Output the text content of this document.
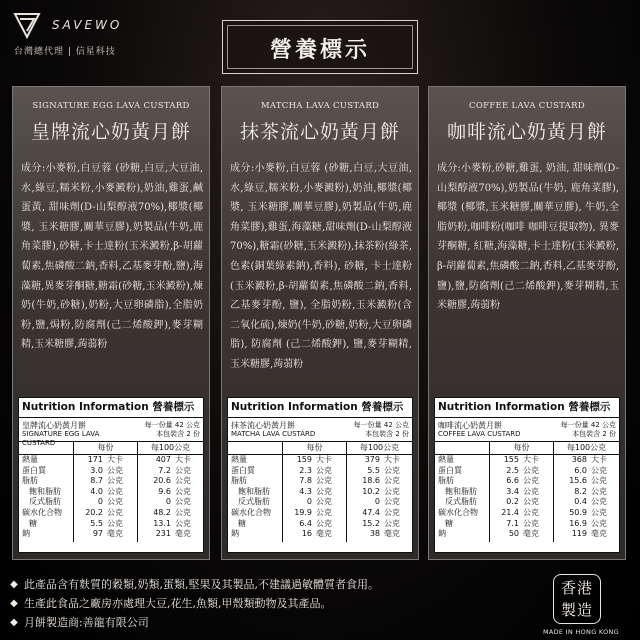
SAVEWO
台灣總代理 | 信星科技	營養標示
SIGNATURE EGG LAVA CUSTARD
皇牌流心奶黃月餅
成分:小麥粉,白豆蓉 (砂糖,白豆,大豆油,水,綠豆,糯米粉,小麥澱粉),奶油,雞蛋,鹹蛋黃, 甜味劑(D-山梨醇液70%),椰漿(椰漿, 玉米糖膠,關華豆膠),奶製品(牛奶,鹿角菜膠),砂糖,卡士達粉(玉米澱粉,β-胡蘿蔔素,焦磷酸二鈉,香料,乙基麥芽酚,鹽),海藻糖,異麥芽酮糖,糖霜(砂糖,玉米澱粉),煉奶(牛奶,砂糖),奶粉,大豆卵磷脂),全脂奶粉,鹽,焗粉,防腐劑(己二烯酸鉀),麥芽糊精,玉米糖膠,蒟蒻粉
Nutrition Information 營養標示
皇牌流心奶黃月餅
SIGNATURE EGG LAVA CUSTARD
每一份量 42 公克
本包裝含 2 份
每份	每100公克
熱量	171 大卡	407 大卡
蛋白質	3.0 公克	7.2 公克
脂肪	8.7 公克	20.6 公克
飽和脂肪	4.0 公克	9.6 公克
反式脂肪	0 公克	0 公克
碳水化合物	20.2 公克	48.2 公克
糖	5.5 公克	13.1 公克
鈉	97 毫克	231 毫克
MATCHA LAVA CUSTARD
抹茶流心奶黃月餅
成分:小麥粉,白豆蓉 (砂糖,白豆,大豆油,水,綠豆,糯米粉,小麥澱粉),奶油,椰漿(椰漿, 玉米糖膠,關華豆膠),奶製品(牛奶,鹿角菜膠),雞蛋,海藻糖,甜味劑(D-山梨醇液70%),糖霜(砂糖,玉米澱粉),抹茶粉(綠茶,色素(銅葉綠素鈉),香料), 砂糖, 卡士達粉(玉米澱粉,β-胡蘿蔔素,焦磷酸二鈉,香料,乙基麥芽酚, 鹽), 全脂奶粉,玉米澱粉(含二氧化硫),煉奶(牛奶,砂糖,奶粉,大豆卵磷脂), 防腐劑 (己二烯酸鉀), 鹽,麥芽糊精,玉米糖膠,蒟蒻粉
Nutrition Information 營養標示
抹茶流心奶黃月餅
MATCHA LAVA CUSTARD
每一份量 42 公克
本包裝含 2 份
每份	每100公克
熱量	159 大卡	379 大卡
蛋白質	2.3 公克	5.5 公克
脂肪	7.8 公克	18.6 公克
飽和脂肪	4.3 公克	10.2 公克
反式脂肪	0 公克	0 公克
碳水化合物	19.9 公克	47.4 公克
糖	6.4 公克	15.2 公克
鈉	16 毫克	38 毫克
COFFEE LAVA CUSTARD
咖啡流心奶黃月餅
成分:小麥粉,砂糖,雞蛋, 奶油, 甜味劑(D-山梨醇液70%),奶製品(牛奶, 鹿角菜膠),椰漿 (椰漿,玉米糖膠,關華豆膠), 牛奶,全脂奶粉,咖啡粉(咖啡 咖啡豆提取物), 異麥芽酮糖, 紅糖,海藻糖,卡士達粉(玉米澱粉,β-胡蘿蔔素,焦磷酸二鈉,香料,乙基麥芽酚,鹽),鹽,防腐劑(己二烯酸鉀),麥芽糊精,玉米糖膠,蒟蒻粉
Nutrition Information 營養標示
咖啡流心奶黃月餅
COFFEE LAVA CUSTARD
每一份量 42 公克
本包裝含 2 份
每份	每100公克
熱量	155 大卡	368 大卡
蛋白質	2.5 公克	6.0 公克
脂肪	6.6 公克	15.6 公克
飽和脂肪	3.4 公克	8.2 公克
反式脂肪	0.2 公克	0.4 公克
碳水化合物	21.4 公克	50.9 公克
糖	7.1 公克	16.9 公克
鈉	50 毫克	119 毫克
◆ 此產品含有麩質的穀類,奶類,蛋類,堅果及其製品,不建議過敏體質者食用。
◆ 生產此食品之廠房亦處理大豆,花生,魚類,甲殼類動物及其產品。
◆ 月餅製造商:善龍有限公司
香港製造
MADE IN HONG KONG
